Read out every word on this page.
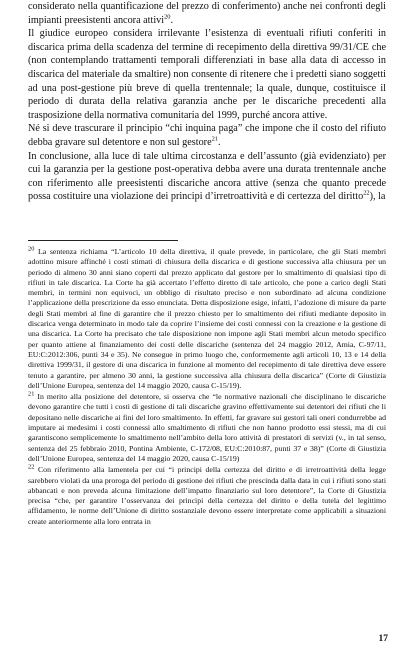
considerato nella quantificazione del prezzo di conferimento) anche nei confronti degli impianti preesistenti ancora attivi$^{20}$.

Il giudice europeo considera irrilevante l’esistenza di eventuali rifiuti conferiti in discarica prima della scadenza del termine di recepimento della direttiva 99/31/CE che (non contemplando trattamenti temporali differenziati in base alla data di accesso in discarica del materiale da smaltire) non consente di ritenere che i predetti siano soggetti ad una post-gestione più breve di quella trentennale; la quale, dunque, costituisce il periodo di durata della relativa garanzia anche per le discariche precedenti alla trasposizione della normativa comunitaria del 1999, purché ancora attive.

Né si deve trascurare il principio “chi inquina paga” che impone che il costo del rifiuto debba gravare sul detentore e non sul gestore$^{21}$.

In conclusione, alla luce di tale ultima circostanza e dell’assunto (già evidenziato) per cui la garanzia per la gestione post-operativa debba avere una durata trentennale anche con riferimento alle preesistenti discariche ancora attive (senza che quanto precede possa costituire una violazione dei principi d’irretroattività e di certezza del diritto$^{22}$), la

$^{20}$ La sentenza richiama “L’articolo 10 della direttiva, il quale prevede, in particolare, che gli Stati membri adottino misure affinché i costi stimati di chiusura della discarica e di gestione successiva alla chiusura per un periodo di almeno 30 anni siano coperti dal prezzo applicato dal gestore per lo smaltimento di qualsiasi tipo di rifiuti in tale discarica. La Corte ha già accertato l’effetto diretto di tale articolo, che pone a carico degli Stati membri, in termini non equivoci, un obbligo di risultato preciso e non subordinato ad alcuna condizione l’applicazione della prescrizione da esso enunciata. Detta disposizione esige, infatti, l’adozione di misure da parte degli Stati membri al fine di garantire che il prezzo chiesto per lo smaltimento dei rifiuti mediante deposito in discarica venga determinato in modo tale da coprire l’insieme dei costi connessi con la creazione e la gestione di una discarica. La Corte ha precisato che tale disposizione non impone agli Stati membri alcun metodo specifico per quanto attiene al finanziamento dei costi delle discariche (sentenza del 24 maggio 2012, Amia, C-97/11, EU:C:2012:306, punti 34 e 35). Ne consegue in primo luogo che, conformemente agli articoli 10, 13 e 14 della direttiva 1999/31, il gestore di una discarica in funzione al momento del recepimento di tale direttiva deve essere tenuto a garantire, per almeno 30 anni, la gestione successiva alla chiusura della discarica” (Corte di Giustizia dell’Unione Europea, sentenza del 14 maggio 2020, causa C-15/19).

$^{21}$ In merito alla posizione del detentore, si osserva che “le normative nazionali che disciplinano le discariche devono garantire che tutti i costi di gestione di tali discariche gravino effettivamente sui detentori dei rifiuti che li depositano nelle discariche ai fini del loro smaltimento. In effetti, far gravare sui gestori tali oneri condurrebbe ad imputare ai medesimi i costi connessi allo smaltimento di rifiuti che non hanno prodotto essi stessi, ma di cui garantiscono semplicemente lo smaltimento nell’ambito della loro attività di prestatori di servizi (v., in tal senso, sentenza del 25 febbraio 2010, Pontina Ambiente, C-172/08, EU:C:2010:87, punti 37 e 38)” (Corte di Giustizia dell’Unione Europea, sentenza del 14 maggio 2020, causa C-15/19)

$^{22}$ Con riferimento alla lamentela per cui “i principi della certezza del diritto e di irretroattività della legge sarebbero violati da una proroga del periodo di gestione dei rifiuti che prescinda dalla data in cui i rifiuti sono stati abbancati e non preveda alcuna limitazione dell’impatto finanziario sul loro detentore”, la Corte di Giustizia precisa “che, per garantire l’osservanza dei principi della certezza del diritto e della tutela del legittimo affidamento, le norme dell’Unione di diritto sostanziale devono essere interpretate come applicabili a situazioni create anteriormente alla loro entrata in

17
